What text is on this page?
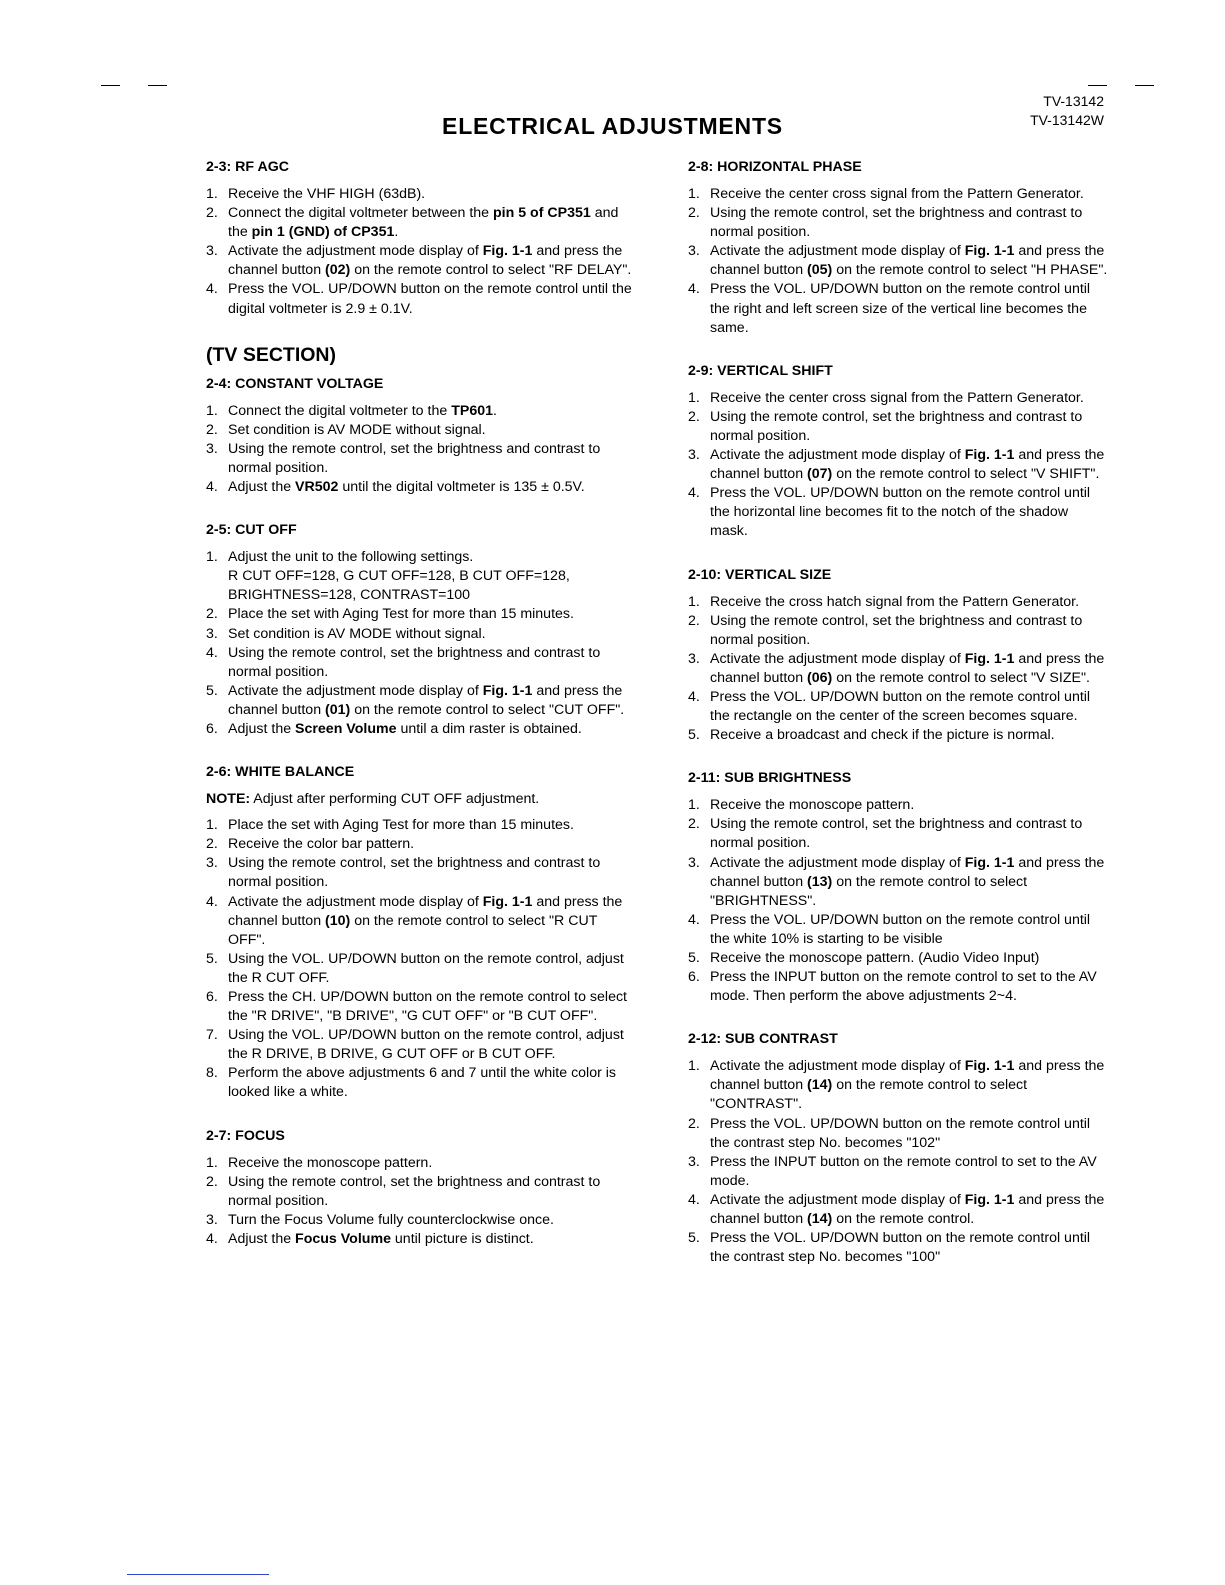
TV-13142
TV-13142W
ELECTRICAL ADJUSTMENTS
2-3: RF AGC
1. Receive the VHF HIGH (63dB).
2. Connect the digital voltmeter between the pin 5 of CP351 and the pin 1 (GND) of CP351.
3. Activate the adjustment mode display of Fig. 1-1 and press the channel button (02) on the remote control to select "RF DELAY".
4. Press the VOL. UP/DOWN button on the remote control until the digital voltmeter is 2.9 ± 0.1V.
(TV SECTION)
2-4: CONSTANT VOLTAGE
1. Connect the digital voltmeter to the TP601.
2. Set condition is AV MODE without signal.
3. Using the remote control, set the brightness and contrast to normal position.
4. Adjust the VR502 until the digital voltmeter is 135 ± 0.5V.
2-5: CUT OFF
1. Adjust the unit to the following settings.
R CUT OFF=128, G CUT OFF=128, B CUT OFF=128,
BRIGHTNESS=128, CONTRAST=100
2. Place the set with Aging Test for more than 15 minutes.
3. Set condition is AV MODE without signal.
4. Using the remote control, set the brightness and contrast to normal position.
5. Activate the adjustment mode display of Fig. 1-1 and press the channel button (01) on the remote control to select "CUT OFF".
6. Adjust the Screen Volume until a dim raster is obtained.
2-6: WHITE BALANCE

NOTE: Adjust after performing CUT OFF adjustment.

1. Place the set with Aging Test for more than 15 minutes.
2. Receive the color bar pattern.
3. Using the remote control, set the brightness and contrast to normal position.
4. Activate the adjustment mode display of Fig. 1-1 and press the channel button (10) on the remote control to select "R CUT OFF".
5. Using the VOL. UP/DOWN button on the remote control, adjust the R CUT OFF.
6. Press the CH. UP/DOWN button on the remote control to select the "R DRIVE", "B DRIVE", "G CUT OFF" or "B CUT OFF".
7. Using the VOL. UP/DOWN button on the remote control, adjust the R DRIVE, B DRIVE, G CUT OFF or B CUT OFF.
8. Perform the above adjustments 6 and 7 until the white color is looked like a white.
2-7: FOCUS
1. Receive the monoscope pattern.
2. Using the remote control, set the brightness and contrast to normal position.
3. Turn the Focus Volume fully counterclockwise once.
4. Adjust the Focus Volume until picture is distinct.
2-8: HORIZONTAL PHASE
1. Receive the center cross signal from the Pattern Generator.
2. Using the remote control, set the brightness and contrast to normal position.
3. Activate the adjustment mode display of Fig. 1-1 and press the channel button (05) on the remote control to select "H PHASE".
4. Press the VOL. UP/DOWN button on the remote control until the right and left screen size of the vertical line becomes the same.
2-9: VERTICAL SHIFT
1. Receive the center cross signal from the Pattern Generator.
2. Using the remote control, set the brightness and contrast to normal position.
3. Activate the adjustment mode display of Fig. 1-1 and press the channel button (07) on the remote control to select "V SHIFT".
4. Press the VOL. UP/DOWN button on the remote control until the horizontal line becomes fit to the notch of the shadow mask.
2-10: VERTICAL SIZE
1. Receive the cross hatch signal from the Pattern Generator.
2. Using the remote control, set the brightness and contrast to normal position.
3. Activate the adjustment mode display of Fig. 1-1 and press the channel button (06) on the remote control to select "V SIZE".
4. Press the VOL. UP/DOWN button on the remote control until the rectangle on the center of the screen becomes square.
5. Receive a broadcast and check if the picture is normal.
2-11: SUB BRIGHTNESS
1. Receive the monoscope pattern.
2. Using the remote control, set the brightness and contrast to normal position.
3. Activate the adjustment mode display of Fig. 1-1 and press the channel button (13) on the remote control to select "BRIGHTNESS".
4. Press the VOL. UP/DOWN button on the remote control until the white 10% is starting to be visible
5. Receive the monoscope pattern. (Audio Video Input)
6. Press the INPUT button on the remote control to set to the AV mode. Then perform the above adjustments 2~4.
2-12: SUB CONTRAST
1. Activate the adjustment mode display of Fig. 1-1 and press the channel button (14) on the remote control to select "CONTRAST".
2. Press the VOL. UP/DOWN button on the remote control until the contrast step No. becomes "102"
3. Press the INPUT button on the remote control to set to the AV mode.
4. Activate the adjustment mode display of Fig. 1-1 and press the channel button (14) on the remote control.
5. Press the VOL. UP/DOWN button on the remote control until the contrast step No. becomes "100"
